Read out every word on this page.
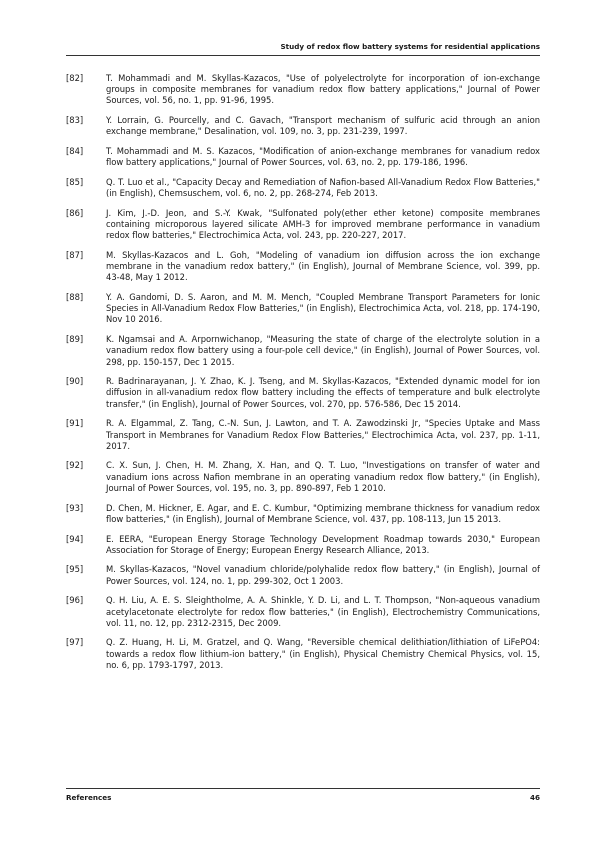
Study of redox flow battery systems for residential applications
[82]	T. Mohammadi and M. Skyllas-Kazacos, "Use of polyelectrolyte for incorporation of ion-exchange groups in composite membranes for vanadium redox flow battery applications," Journal of Power Sources, vol. 56, no. 1, pp. 91-96, 1995.
[83]	Y. Lorrain, G. Pourcelly, and C. Gavach, "Transport mechanism of sulfuric acid through an anion exchange membrane," Desalination, vol. 109, no. 3, pp. 231-239, 1997.
[84]	T. Mohammadi and M. S. Kazacos, "Modification of anion-exchange membranes for vanadium redox flow battery applications," Journal of Power Sources, vol. 63, no. 2, pp. 179-186, 1996.
[85]	Q. T. Luo et al., "Capacity Decay and Remediation of Nafion-based All-Vanadium Redox Flow Batteries," (in English), Chemsuschem, vol. 6, no. 2, pp. 268-274, Feb 2013.
[86]	J. Kim, J.-D. Jeon, and S.-Y. Kwak, "Sulfonated poly(ether ether ketone) composite membranes containing microporous layered silicate AMH-3 for improved membrane performance in vanadium redox flow batteries," Electrochimica Acta, vol. 243, pp. 220-227, 2017.
[87]	M. Skyllas-Kazacos and L. Goh, "Modeling of vanadium ion diffusion across the ion exchange membrane in the vanadium redox battery," (in English), Journal of Membrane Science, vol. 399, pp. 43-48, May 1 2012.
[88]	Y. A. Gandomi, D. S. Aaron, and M. M. Mench, "Coupled Membrane Transport Parameters for Ionic Species in All-Vanadium Redox Flow Batteries," (in English), Electrochimica Acta, vol. 218, pp. 174-190, Nov 10 2016.
[89]	K. Ngamsai and A. Arpornwichanop, "Measuring the state of charge of the electrolyte solution in a vanadium redox flow battery using a four-pole cell device," (in English), Journal of Power Sources, vol. 298, pp. 150-157, Dec 1 2015.
[90]	R. Badrinarayanan, J. Y. Zhao, K. J. Tseng, and M. Skyllas-Kazacos, "Extended dynamic model for ion diffusion in all-vanadium redox flow battery including the effects of temperature and bulk electrolyte transfer," (in English), Journal of Power Sources, vol. 270, pp. 576-586, Dec 15 2014.
[91]	R. A. Elgammal, Z. Tang, C.-N. Sun, J. Lawton, and T. A. Zawodzinski Jr, "Species Uptake and Mass Transport in Membranes for Vanadium Redox Flow Batteries," Electrochimica Acta, vol. 237, pp. 1-11, 2017.
[92]	C. X. Sun, J. Chen, H. M. Zhang, X. Han, and Q. T. Luo, "Investigations on transfer of water and vanadium ions across Nafion membrane in an operating vanadium redox flow battery," (in English), Journal of Power Sources, vol. 195, no. 3, pp. 890-897, Feb 1 2010.
[93]	D. Chen, M. Hickner, E. Agar, and E. C. Kumbur, "Optimizing membrane thickness for vanadium redox flow batteries," (in English), Journal of Membrane Science, vol. 437, pp. 108-113, Jun 15 2013.
[94]	E. EERA, "European Energy Storage Technology Development Roadmap towards 2030," European Association for Storage of Energy; European Energy Research Alliance, 2013.
[95]	M. Skyllas-Kazacos, "Novel vanadium chloride/polyhalide redox flow battery," (in English), Journal of Power Sources, vol. 124, no. 1, pp. 299-302, Oct 1 2003.
[96]	Q. H. Liu, A. E. S. Sleightholme, A. A. Shinkle, Y. D. Li, and L. T. Thompson, "Non-aqueous vanadium acetylacetonate electrolyte for redox flow batteries," (in English), Electrochemistry Communications, vol. 11, no. 12, pp. 2312-2315, Dec 2009.
[97]	Q. Z. Huang, H. Li, M. Gratzel, and Q. Wang, "Reversible chemical delithiation/lithiation of LiFePO4: towards a redox flow lithium-ion battery," (in English), Physical Chemistry Chemical Physics, vol. 15, no. 6, pp. 1793-1797, 2013.
References	46
